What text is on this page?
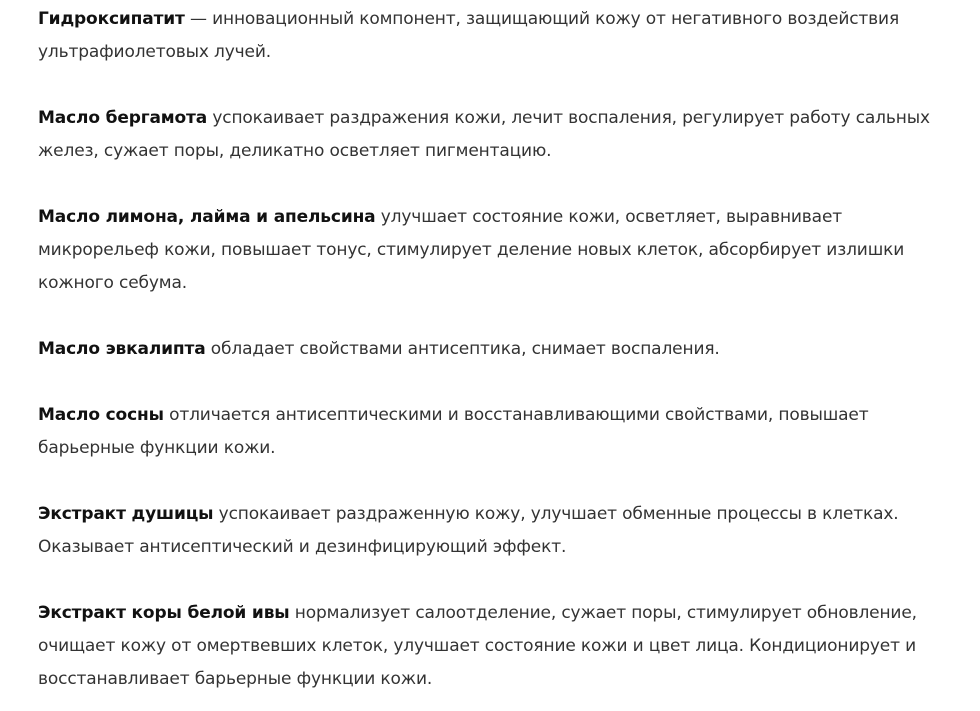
Гидроксипатит — инновационный компонент, защищающий кожу от негативного воздействия ультрафиолетовых лучей.

Масло бергамота успокаивает раздражения кожи, лечит воспаления, регулирует работу сальных желез, сужает поры, деликатно осветляет пигментацию.

Масло лимона, лайма и апельсина улучшает состояние кожи, осветляет, выравнивает микрорельеф кожи, повышает тонус, стимулирует деление новых клеток, абсорбирует излишки кожного себума.

Масло эвкалипта обладает свойствами антисептика, снимает воспаления.

Масло сосны отличается антисептическими и восстанавливающими свойствами, повышает барьерные функции кожи.

Экстракт душицы успокаивает раздраженную кожу, улучшает обменные процессы в клетках. Оказывает антисептический и дезинфицирующий эффект.

Экстракт коры белой ивы нормализует салоотделение, сужает поры, стимулирует обновление, очищает кожу от омертвевших клеток, улучшает состояние кожи и цвет лица. Кондиционирует и восстанавливает барьерные функции кожи.
